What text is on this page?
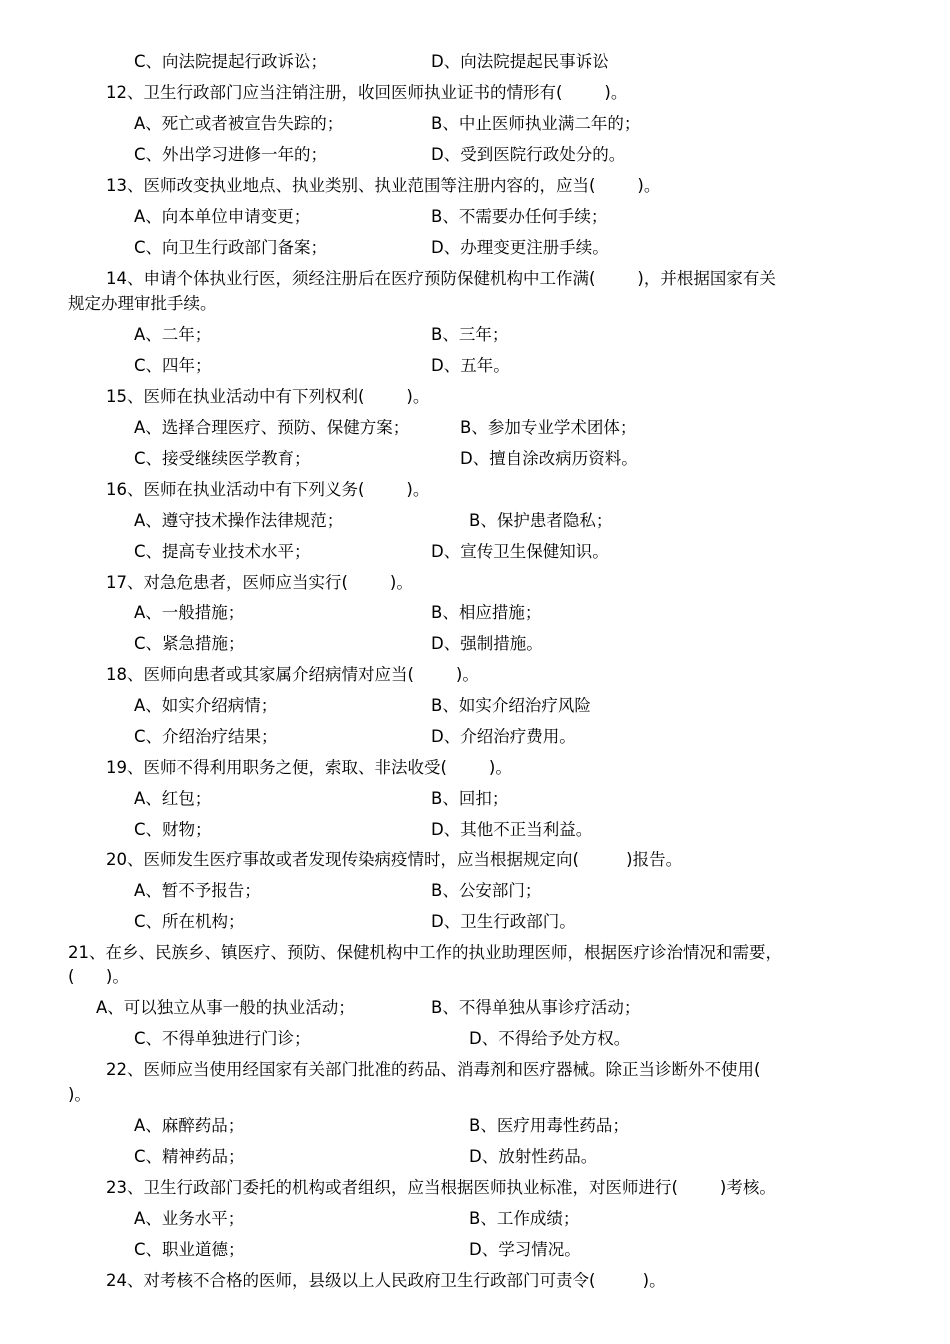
C、向法院提起行政诉讼；	D、向法院提起民事诉讼
12、卫生行政部门应当注销注册，收回医师执业证书的情形有(        )。
A、死亡或者被宣告失踪的；	B、中止医师执业满二年的；
C、外出学习进修一年的；	D、受到医院行政处分的。
13、医师改变执业地点、执业类别、执业范围等注册内容的，应当(        )。
A、向本单位申请变更；	B、不需要办任何手续；
C、向卫生行政部门备案；	D、办理变更注册手续。
14、申请个体执业行医，须经注册后在医疗预防保健机构中工作满(        )，并根据国家有关
规定办理审批手续。
A、二年；	B、三年；
C、四年；	D、五年。
15、医师在执业活动中有下列权利(        )。
A、选择合理医疗、预防、保健方案；	B、参加专业学术团体；
C、接受继续医学教育；	D、擅自涂改病历资料。
16、医师在执业活动中有下列义务(        )。
A、遵守技术操作法律规范；	B、保护患者隐私；
C、提高专业技术水平；	D、宣传卫生保健知识。
17、对急危患者，医师应当实行(        )。
A、一般措施；	B、相应措施；
C、紧急措施；	D、强制措施。
18、医师向患者或其家属介绍病情对应当(        )。
A、如实介绍病情；	B、如实介绍治疗风险
C、介绍治疗结果；	D、介绍治疗费用。
19、医师不得利用职务之便，索取、非法收受(        )。
A、红包；	B、回扣；
C、财物；	D、其他不正当利益。
20、医师发生医疗事故或者发现传染病疫情时，应当根据规定向(         )报告。
A、暂不予报告；	B、公安部门；
C、所在机构；	D、卫生行政部门。
21、在乡、民族乡、镇医疗、预防、保健机构中工作的执业助理医师，根据医疗诊治情况和需要，
(      )。
A、可以独立从事一般的执业活动；	B、不得单独从事诊疗活动；
C、不得单独进行门诊；	D、不得给予处方权。
22、医师应当使用经国家有关部门批准的药品、消毒剂和医疗器械。除正当诊断外不使用(
)。
A、麻醉药品；	B、医疗用毒性药品；
C、精神药品；	D、放射性药品。
23、卫生行政部门委托的机构或者组织，应当根据医师执业标准，对医师进行(        )考核。
A、业务水平；	B、工作成绩；
C、职业道德；	D、学习情况。
24、对考核不合格的医师，县级以上人民政府卫生行政部门可责令(         )。
